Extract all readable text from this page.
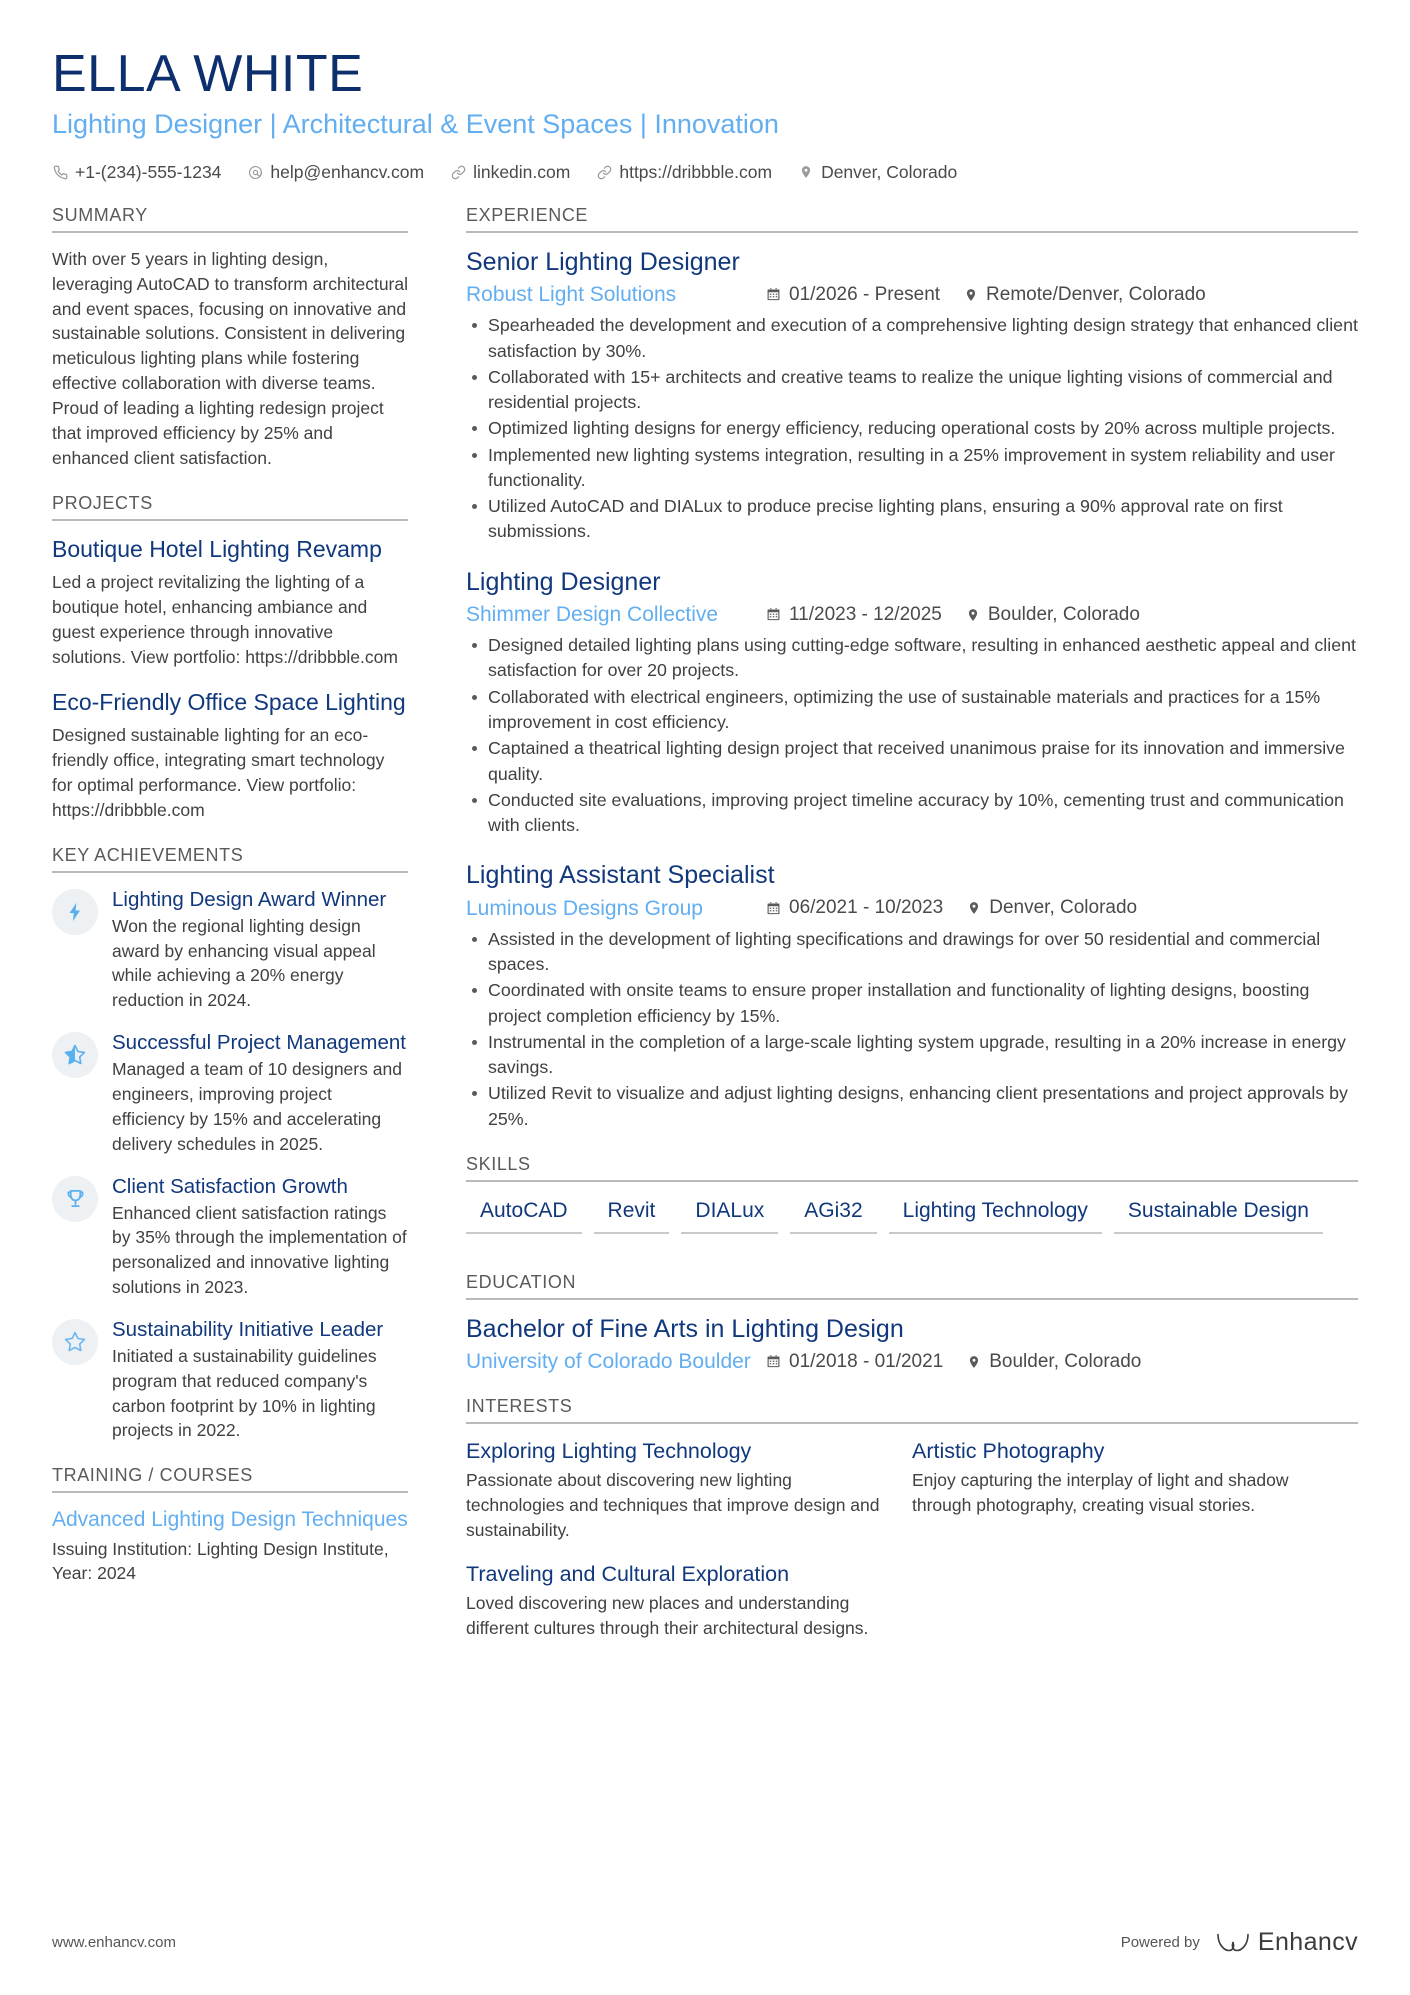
ELLA WHITE
Lighting Designer | Architectural & Event Spaces | Innovation
+1-(234)-555-1234	help@enhancv.com	linkedin.com	https://dribbble.com	Denver, Colorado
SUMMARY
With over 5 years in lighting design, leveraging AutoCAD to transform architectural and event spaces, focusing on innovative and sustainable solutions. Consistent in delivering meticulous lighting plans while fostering effective collaboration with diverse teams. Proud of leading a lighting redesign project that improved efficiency by 25% and enhanced client satisfaction.
PROJECTS
Boutique Hotel Lighting Revamp
Led a project revitalizing the lighting of a boutique hotel, enhancing ambiance and guest experience through innovative solutions. View portfolio: https://dribbble.com
Eco-Friendly Office Space Lighting
Designed sustainable lighting for an eco-friendly office, integrating smart technology for optimal performance. View portfolio: https://dribbble.com
KEY ACHIEVEMENTS
Lighting Design Award Winner
Won the regional lighting design award by enhancing visual appeal while achieving a 20% energy reduction in 2024.
Successful Project Management
Managed a team of 10 designers and engineers, improving project efficiency by 15% and accelerating delivery schedules in 2025.
Client Satisfaction Growth
Enhanced client satisfaction ratings by 35% through the implementation of personalized and innovative lighting solutions in 2023.
Sustainability Initiative Leader
Initiated a sustainability guidelines program that reduced company's carbon footprint by 10% in lighting projects in 2022.
TRAINING / COURSES
Advanced Lighting Design Techniques
Issuing Institution: Lighting Design Institute, Year: 2024
EXPERIENCE
Senior Lighting Designer
Robust Light Solutions	01/2026 - Present Remote/Denver, Colorado
Spearheaded the development and execution of a comprehensive lighting design strategy that enhanced client satisfaction by 30%.
Collaborated with 15+ architects and creative teams to realize the unique lighting visions of commercial and residential projects.
Optimized lighting designs for energy efficiency, reducing operational costs by 20% across multiple projects.
Implemented new lighting systems integration, resulting in a 25% improvement in system reliability and user functionality.
Utilized AutoCAD and DIALux to produce precise lighting plans, ensuring a 90% approval rate on first submissions.
Lighting Designer
Shimmer Design Collective	11/2023 - 12/2025 Boulder, Colorado
Designed detailed lighting plans using cutting-edge software, resulting in enhanced aesthetic appeal and client satisfaction for over 20 projects.
Collaborated with electrical engineers, optimizing the use of sustainable materials and practices for a 15% improvement in cost efficiency.
Captained a theatrical lighting design project that received unanimous praise for its innovation and immersive quality.
Conducted site evaluations, improving project timeline accuracy by 10%, cementing trust and communication with clients.
Lighting Assistant Specialist
Luminous Designs Group	06/2021 - 10/2023 Denver, Colorado
Assisted in the development of lighting specifications and drawings for over 50 residential and commercial spaces.
Coordinated with onsite teams to ensure proper installation and functionality of lighting designs, boosting project completion efficiency by 15%.
Instrumental in the completion of a large-scale lighting system upgrade, resulting in a 20% increase in energy savings.
Utilized Revit to visualize and adjust lighting designs, enhancing client presentations and project approvals by 25%.
SKILLS
AutoCAD	Revit	DIALux	AGi32	Lighting Technology	Sustainable Design
EDUCATION
Bachelor of Fine Arts in Lighting Design
University of Colorado Boulder	01/2018 - 01/2021 Boulder, Colorado
INTERESTS
Exploring Lighting Technology
Passionate about discovering new lighting technologies and techniques that improve design and sustainability.
Artistic Photography
Enjoy capturing the interplay of light and shadow through photography, creating visual stories.
Traveling and Cultural Exploration
Loved discovering new places and understanding different cultures through their architectural designs.
www.enhancv.com	Powered by Enhancv
